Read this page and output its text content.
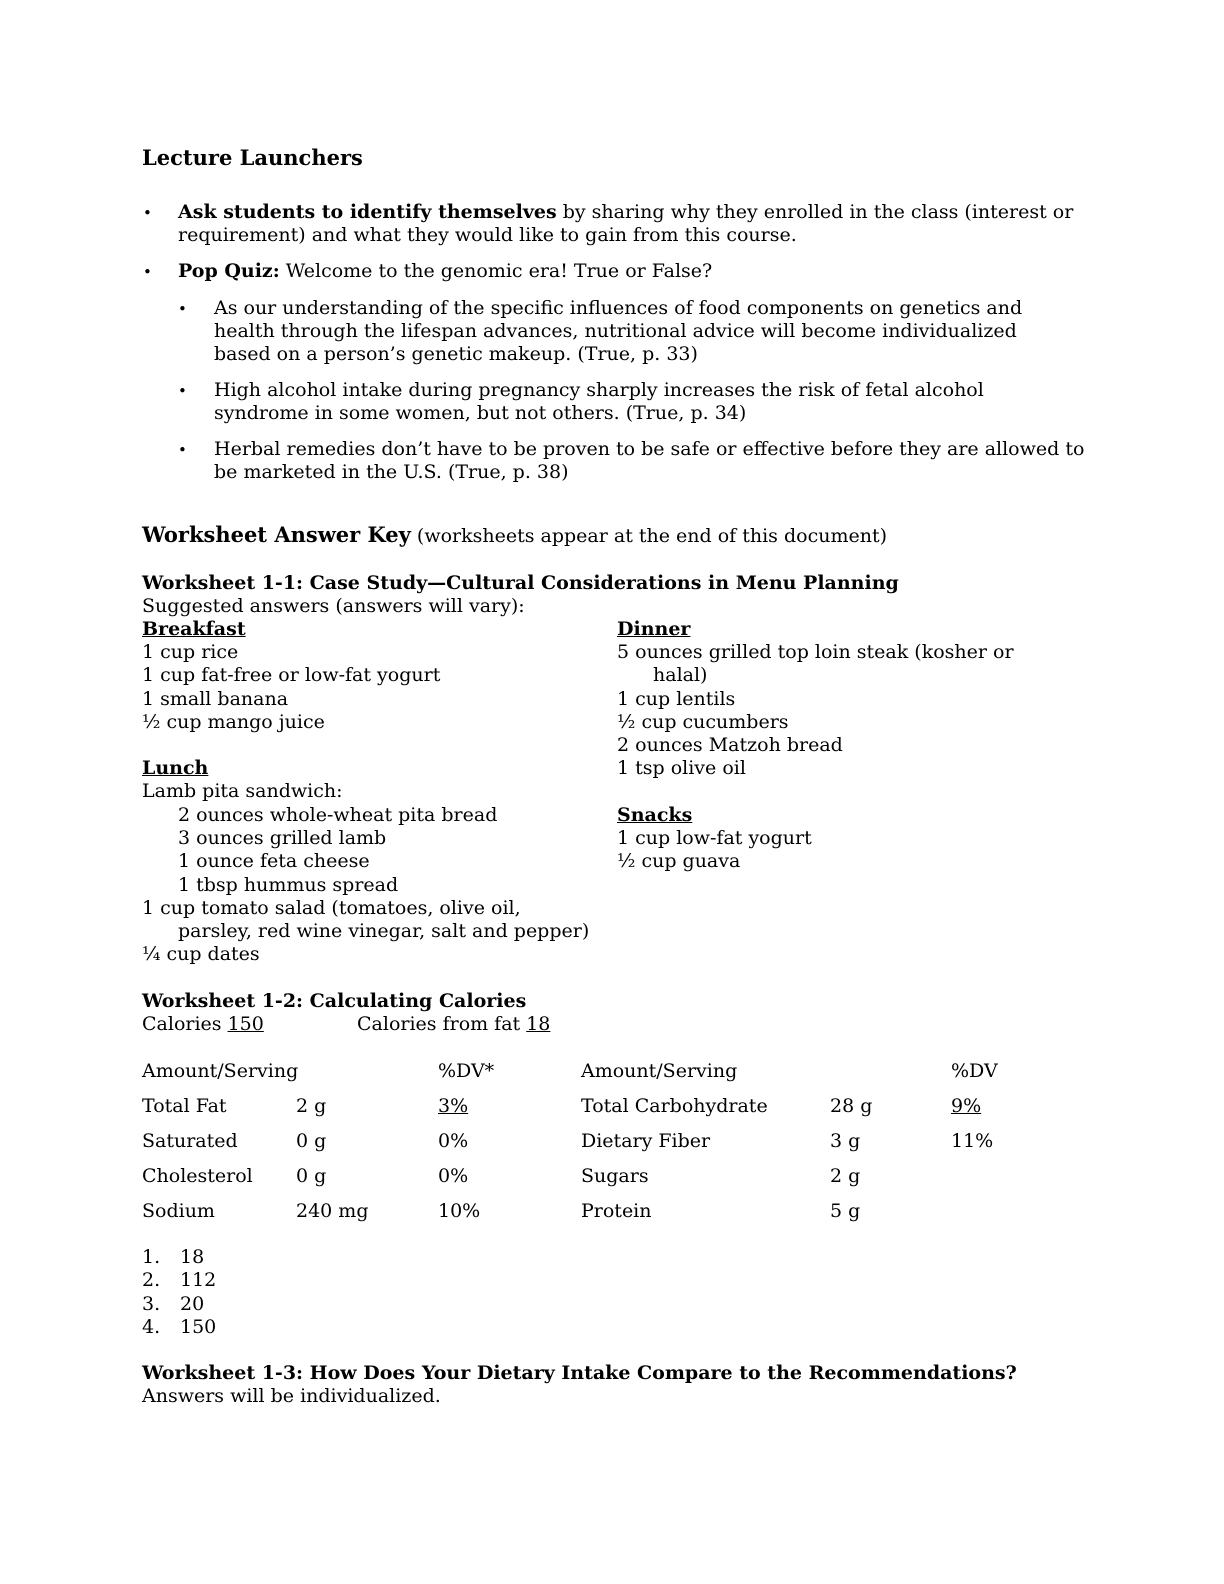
Lecture Launchers
• Ask students to identify themselves by sharing why they enrolled in the class (interest or
requirement) and what they would like to gain from this course.
• Pop Quiz: Welcome to the genomic era! True or False?
• As our understanding of the specific influences of food components on genetics and
health through the lifespan advances, nutritional advice will become individualized
based on a person’s genetic makeup. (True, p. 33)
• High alcohol intake during pregnancy sharply increases the risk of fetal alcohol
syndrome in some women, but not others. (True, p. 34)
• Herbal remedies don’t have to be proven to be safe or effective before they are allowed to
be marketed in the U.S. (True, p. 38)
Worksheet Answer Key (worksheets appear at the end of this document)
Worksheet 1-1: Case Study—Cultural Considerations in Menu Planning
Suggested answers (answers will vary):
Breakfast
1 cup rice
1 cup fat-free or low-fat yogurt
1 small banana
½ cup mango juice
Lunch
Lamb pita sandwich:
2 ounces whole-wheat pita bread
3 ounces grilled lamb
1 ounce feta cheese
1 tbsp hummus spread
1 cup tomato salad (tomatoes, olive oil,
parsley, red wine vinegar, salt and pepper)
¼ cup dates
Dinner
5 ounces grilled top loin steak (kosher or
halal)
1 cup lentils
½ cup cucumbers
2 ounces Matzoh bread
1 tsp olive oil
Snacks
1 cup low-fat yogurt
½ cup guava
Worksheet 1-2: Calculating Calories
Calories 150	Calories from fat 18
Amount/Serving	%DV*	Amount/Serving	%DV
Total Fat	2 g	3%	Total Carbohydrate	28 g	9%
Saturated	0 g	0%	Dietary Fiber	3 g	11%
Cholesterol 0 g	0%	Sugars	2 g
Sodium	240 mg	10%	Protein	5 g
1. 18
2. 112
3. 20
4. 150
Worksheet 1-3: How Does Your Dietary Intake Compare to the Recommendations?
Answers will be individualized.
